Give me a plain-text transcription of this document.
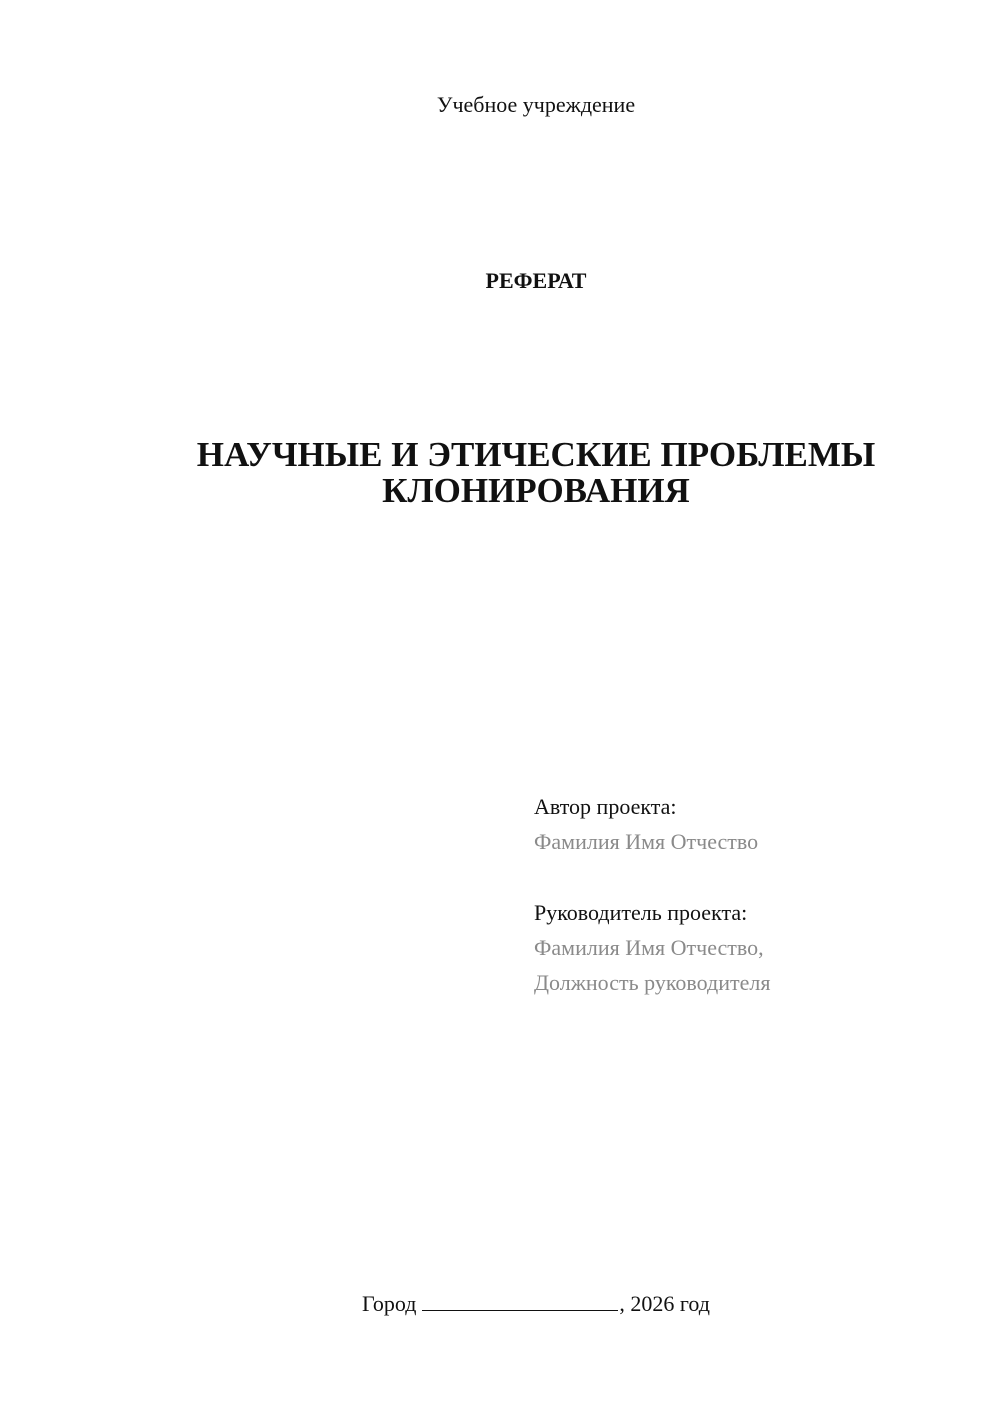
Учебное учреждение
РЕФЕРАТ
НАУЧНЫЕ И ЭТИЧЕСКИЕ ПРОБЛЕМЫ
КЛОНИРОВАНИЯ
Автор проекта:
Фамилия Имя Отчество
Руководитель проекта:
Фамилия Имя Отчество,
Должность руководителя
Город	, 2026 год
